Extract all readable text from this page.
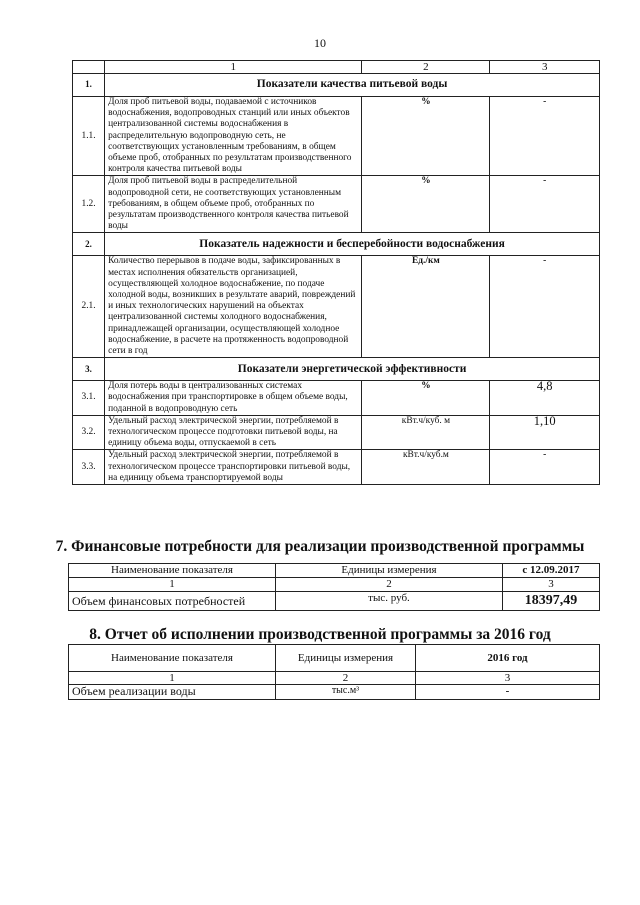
10
	1	2	3
1.	Показатели качества питьевой воды		
1.1.	Доля проб питьевой воды, подаваемой с источников водоснабжения, водопроводных станций или иных объектов централизованной системы водоснабжения в распределительную водопроводную сеть, не соответствующих установленным требованиям, в общем объеме проб, отобранных по результатам производственного контроля качества питьевой воды	%	-
1.2.	Доля проб питьевой воды в распределительной водопроводной сети, не соответствующих установленным требованиям, в общем объеме проб, отобранных по результатам производственного контроля качества питьевой воды	%	-
2.	Показатель надежности и бесперебойности водоснабжения		
2.1.	Количество перерывов в подаче воды, зафиксированных в местах исполнения обязательств организацией, осуществляющей холодное водоснабжение, по подаче холодной воды, возникших в результате аварий, повреждений и иных технологических нарушений на объектах централизованной системы холодного водоснабжения, принадлежащей организации, осуществляющей холодное водоснабжение, в расчете на протяженность водопроводной сети в год	Ед./км	-
3.	Показатели энергетической эффективности		
3.1.	Доля потерь воды в централизованных системах водоснабжения при транспортировке в общем объеме воды, поданной в водопроводную сеть	%	4,8
3.2.	Удельный расход электрической энергии, потребляемой в технологическом процессе подготовки питьевой воды, на единицу объема воды, отпускаемой в сеть	кВт.ч/куб. м	1,10
3.3.	Удельный расход электрической энергии, потребляемой в технологическом процессе транспортировки питьевой воды, на единицу объема транспортируемой воды	кВт.ч/куб.м	-
7. Финансовые потребности для реализации производственной программы
Наименование показателя	Единицы измерения	с 12.09.2017
1	2	3
Объем финансовых потребностей	тыс. руб.	18397,49
8. Отчет об исполнении производственной программы за 2016 год
Наименование показателя	Единицы измерения	2016 год
1	2	3
Объем реализации воды	тыс.м³	-
